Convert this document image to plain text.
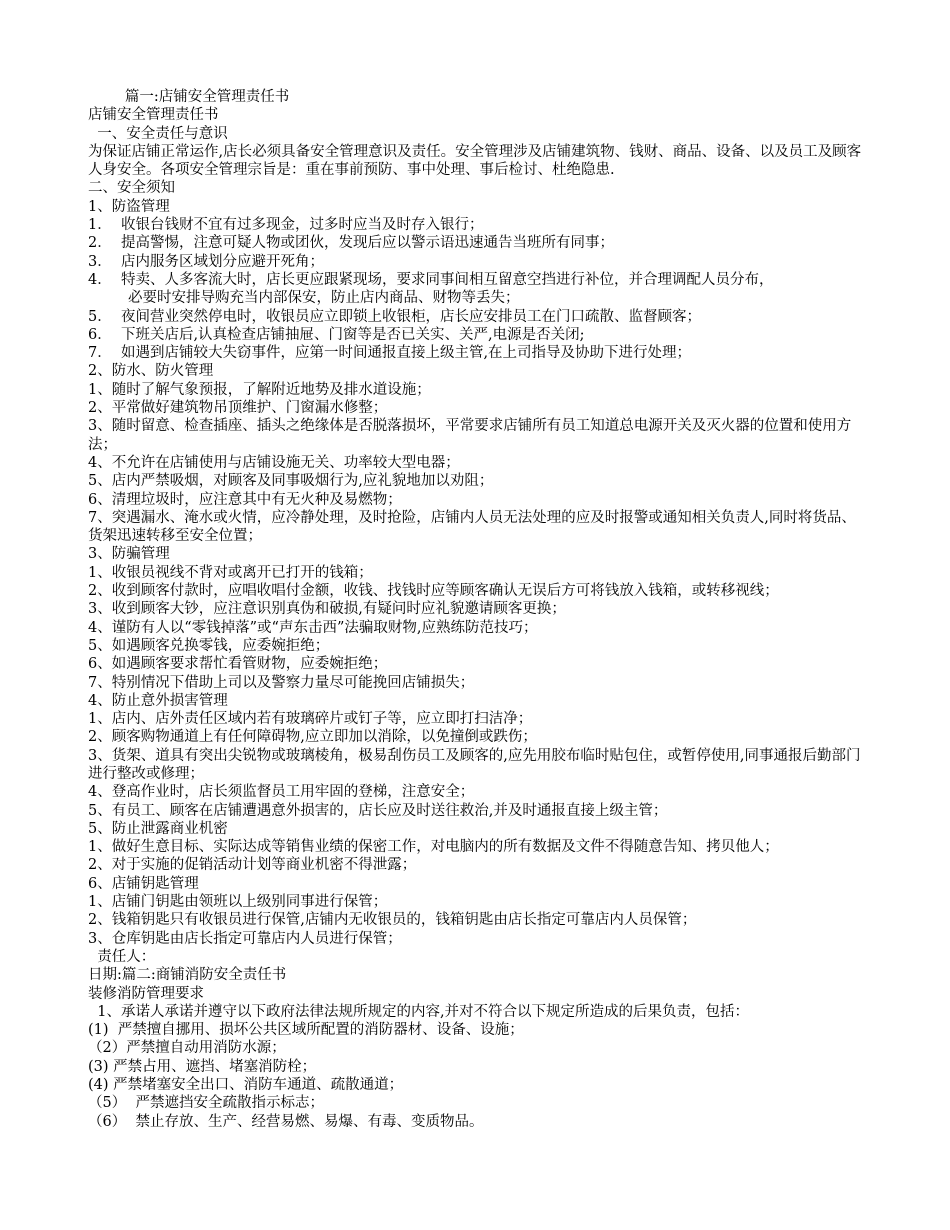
篇一:店铺安全管理责任书
店铺安全管理责任书
一、安全责任与意识
为保证店铺正常运作,店长必须具备安全管理意识及责任。安全管理涉及店铺建筑物、钱财、商品、设备、以及员工及顾客人身安全。各项安全管理宗旨是：重在事前预防、事中处理、事后检讨、杜绝隐患.
二、安全须知
1、防盗管理
1．  收银台钱财不宜有过多现金，过多时应当及时存入银行；
2．  提高警惕，注意可疑人物或团伙，发现后应以警示语迅速通告当班所有同事；
3．  店内服务区域划分应避开死角；
4．  特卖、人多客流大时，店长更应跟紧现场，要求同事间相互留意空挡进行补位，并合理调配人员分布，
必要时安排导购充当内部保安，防止店内商品、财物等丢失；
5．  夜间营业突然停电时，收银员应立即锁上收银柜，店长应安排员工在门口疏散、监督顾客；
6．  下班关店后,认真检查店铺抽屉、门窗等是否已关实、关严,电源是否关闭;
7．  如遇到店铺较大失窃事件，应第一时间通报直接上级主管,在上司指导及协助下进行处理；
2、防水、防火管理
1、随时了解气象预报，了解附近地势及排水道设施；
2、平常做好建筑物吊顶维护、门窗漏水修整；
3、随时留意、检查插座、插头之绝缘体是否脱落损坏，平常要求店铺所有员工知道总电源开关及灭火器的位置和使用方法；
4、不允许在店铺使用与店铺设施无关、功率较大型电器；
5、店内严禁吸烟，对顾客及同事吸烟行为,应礼貌地加以劝阻；
6、清理垃圾时，应注意其中有无火种及易燃物；
7、突遇漏水、淹水或火情，应冷静处理，及时抢险，店铺内人员无法处理的应及时报警或通知相关负责人,同时将货品、货架迅速转移至安全位置；
3、防骗管理
1、收银员视线不背对或离开已打开的钱箱；
2、收到顾客付款时，应唱收唱付金额，收钱、找钱时应等顾客确认无误后方可将钱放入钱箱，或转移视线；
3、收到顾客大钞，应注意识别真伪和破损,有疑问时应礼貌邀请顾客更换；
4、谨防有人以“零钱掉落”或“声东击西”法骗取财物,应熟练防范技巧；
5、如遇顾客兑换零钱，应委婉拒绝；
6、如遇顾客要求帮忙看管财物，应委婉拒绝；
7、特别情况下借助上司以及警察力量尽可能挽回店铺损失；
4、防止意外损害管理
1、店内、店外责任区域内若有玻璃碎片或钉子等，应立即打扫洁净；
2、顾客购物通道上有任何障碍物,应立即加以消除，以免撞倒或跌伤；
3、货架、道具有突出尖锐物或玻璃棱角，极易刮伤员工及顾客的,应先用胶布临时贴包住，或暂停使用,同事通报后勤部门进行整改或修理；
4、登高作业时，店长须监督员工用牢固的登梯，注意安全；
5、有员工、顾客在店铺遭遇意外损害的，店长应及时送往救治,并及时通报直接上级主管；
5、防止泄露商业机密
1、做好生意目标、实际达成等销售业绩的保密工作，对电脑内的所有数据及文件不得随意告知、拷贝他人；
2、对于实施的促销活动计划等商业机密不得泄露；
6、店铺钥匙管理
1、店铺门钥匙由领班以上级别同事进行保管；
2、钱箱钥匙只有收银员进行保管,店铺内无收银员的，钱箱钥匙由店长指定可靠店内人员保管；
3、仓库钥匙由店长指定可靠店内人员进行保管；
责任人：
日期:篇二:商铺消防安全责任书
装修消防管理要求
1、承诺人承诺并遵守以下政府法律法规所规定的内容,并对不符合以下规定所造成的后果负责，包括：
(1)  严禁擅自挪用、损坏公共区域所配置的消防器材、设备、设施；
（2）严禁擅自动用消防水源；
(3) 严禁占用、遮挡、堵塞消防栓；
(4) 严禁堵塞安全出口、消防车通道、疏散通道；
（5）  严禁遮挡安全疏散指示标志；
（6）  禁止存放、生产、经营易燃、易爆、有毒、变质物品。
